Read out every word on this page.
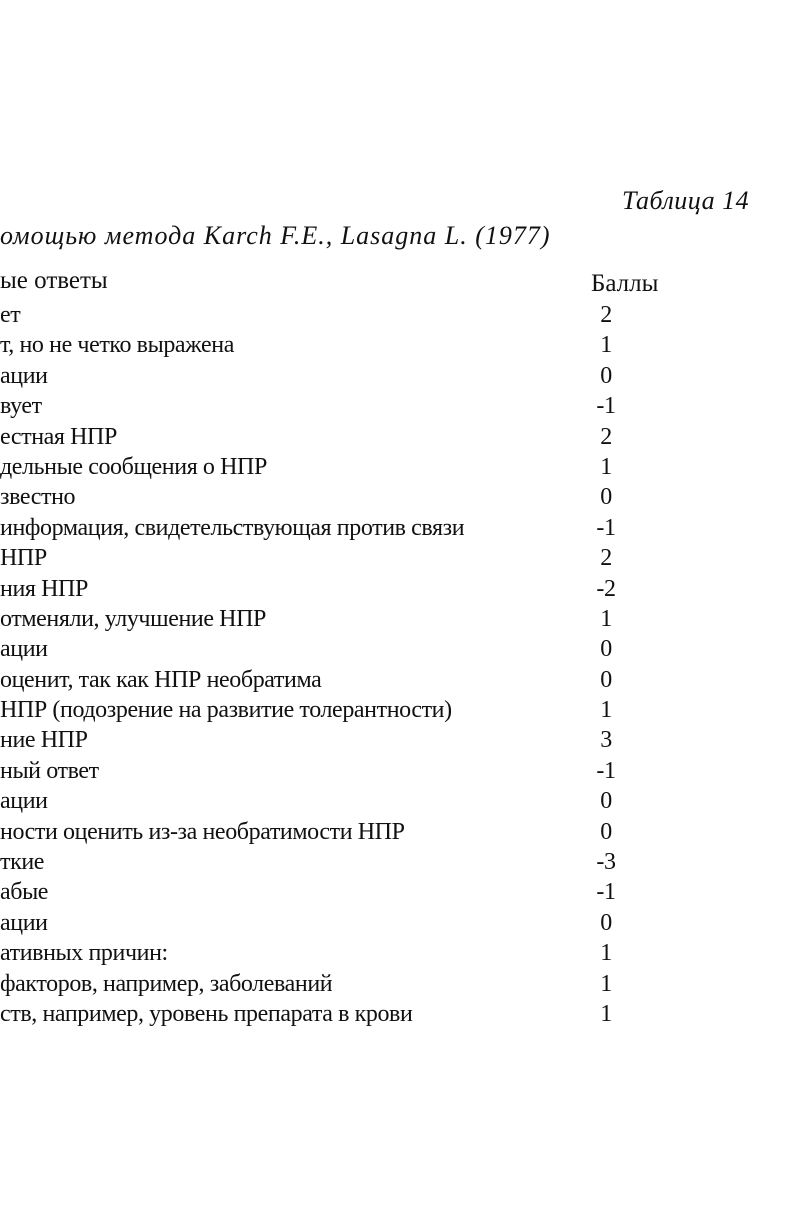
Таблица 14
омощью метода Karch F.E., Lasagna L. (1977)
ые ответы	Баллы
ет	2
т, но не четко выражена	1
ации	0
вует	-1
естная НПР	2
дельные сообщения о НПР	1
звестно	0
информация, свидетельствующая против связи	-1
НПР	2
ния НПР	-2
отменяли, улучшение НПР	1
ации	0
оценит, так как НПР необратима	0
НПР (подозрение на развитие толерантности)	1
ние НПР	3
ный ответ	-1
ации	0
ности оценить из-за необратимости НПР	0
ткие	-3
абые	-1
ации	0
ативных причин:	1
факторов, например, заболеваний	1
ств, например, уровень препарата в крови	1
